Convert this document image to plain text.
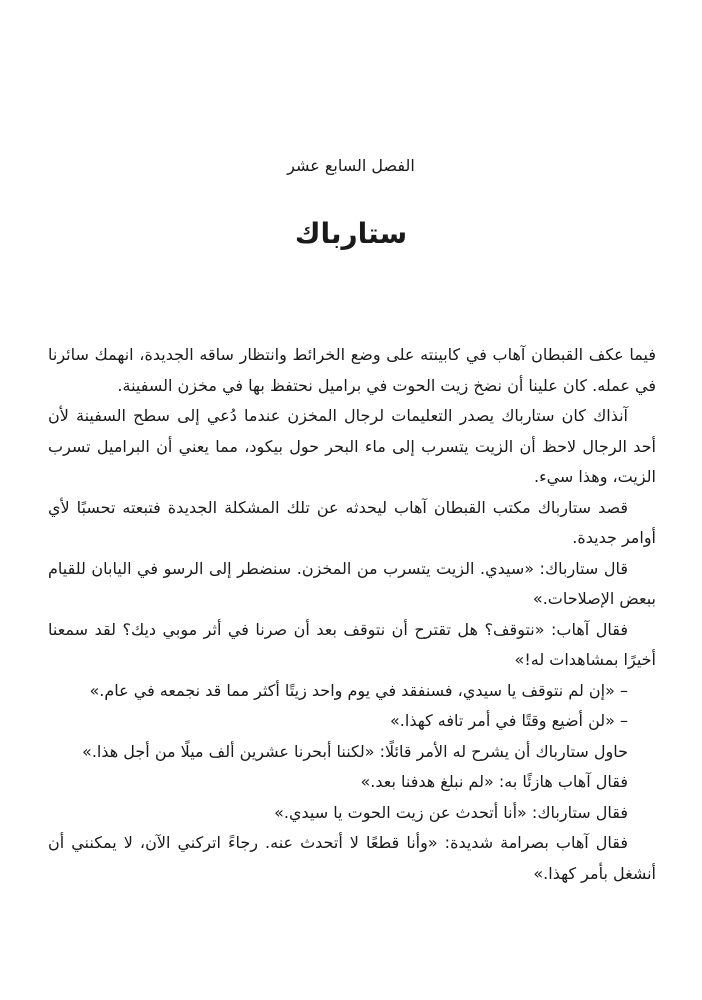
الفصل السابع عشر
ستارباك

فيما عكف القبطان آهاب في كابينته على وضع الخرائط وانتظار ساقه الجديدة، انهمك سائرنا في عمله. كان علينا أن نضخ زيت الحوت في براميل نحتفظ بها في مخزن السفينة.

آنذاك كان ستارباك يصدر التعليمات لرجال المخزن عندما دُعي إلى سطح السفينة لأن أحد الرجال لاحظ أن الزيت يتسرب إلى ماء البحر حول بيكود، مما يعني أن البراميل تسرب الزيت، وهذا سيء.

قصد ستارباك مكتب القبطان آهاب ليحدثه عن تلك المشكلة الجديدة فتبعته تحسبًا لأي أوامر جديدة.

قال ستارباك: «سيدي. الزيت يتسرب من المخزن. سنضطر إلى الرسو في اليابان للقيام ببعض الإصلاحات.»

فقال آهاب: «نتوقف؟ هل تقترح أن نتوقف بعد أن صرنا في أثر موبي ديك؟ لقد سمعنا أخيرًا بمشاهدات له!»

– «إن لم نتوقف يا سيدي، فسنفقد في يوم واحد زيتًا أكثر مما قد نجمعه في عام.»

– «لن أضيع وقتًا في أمر تافه كهذا.»

حاول ستارباك أن يشرح له الأمر قائلًا: «لكننا أبحرنا عشرين ألف ميلًا من أجل هذا.»

فقال آهاب هازئًا به: «لم نبلغ هدفنا بعد.»

فقال ستارباك: «أنا أتحدث عن زيت الحوت يا سيدي.»

فقال آهاب بصرامة شديدة: «وأنا قطعًا لا أتحدث عنه. رجاءً اتركني الآن، لا يمكنني أن أنشغل بأمر كهذا.»
